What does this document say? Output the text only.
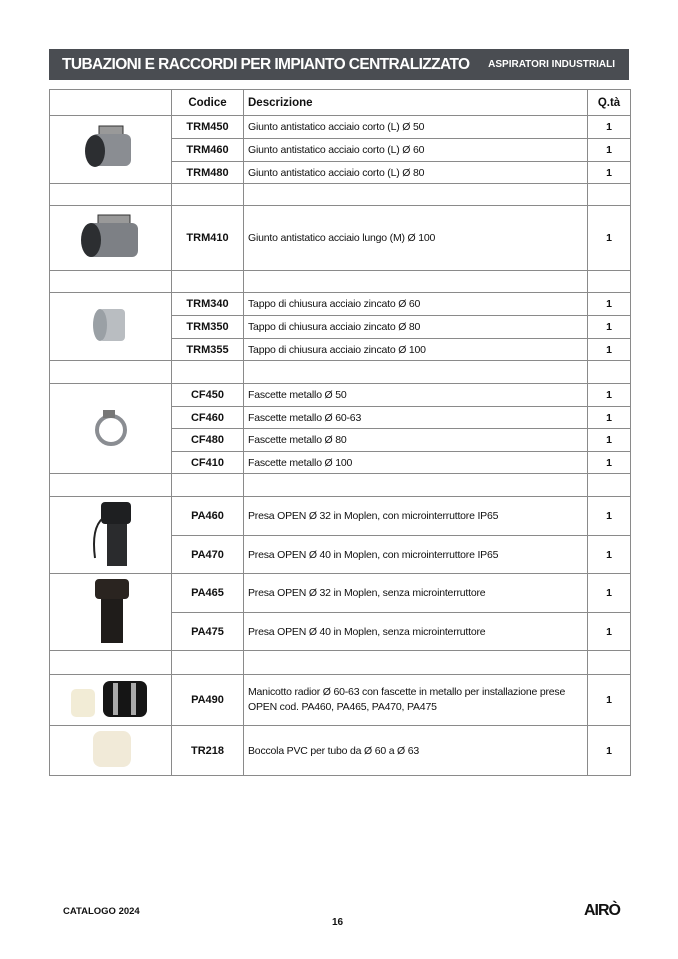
TUBAZIONI E RACCORDI PER IMPIANTO CENTRALIZZATO ASPIRATORI INDUSTRIALI
	Codice	Descrizione	Q.tà
	TRM450	Giunto antistatico acciaio corto (L) Ø 50	1
	TRM460	Giunto antistatico acciaio corto (L) Ø 60	1
	TRM480	Giunto antistatico acciaio corto (L) Ø 80	1

	TRM410	Giunto antistatico acciaio lungo (M) Ø 100	1

	TRM340	Tappo di chiusura acciaio zincato Ø 60	1
	TRM350	Tappo di chiusura acciaio zincato Ø 80	1
	TRM355	Tappo di chiusura acciaio zincato Ø 100	1

	CF450	Fascette metallo Ø 50	1
	CF460	Fascette metallo Ø 60-63	1
	CF480	Fascette metallo Ø 80	1
	CF410	Fascette metallo Ø 100	1

	PA460	Presa OPEN Ø 32 in Moplen, con microinterruttore IP65	1
	PA470	Presa OPEN Ø 40 in Moplen, con microinterruttore IP65	1
	PA465	Presa OPEN Ø 32 in Moplen, senza microinterruttore	1
	PA475	Presa OPEN Ø 40 in Moplen, senza microinterruttore	1

	PA490	Manicotto radior Ø 60-63 con fascette in metallo per installazione prese OPEN cod. PA460, PA465, PA470, PA475	1
	TR218	Boccola PVC per tubo da Ø 60 a Ø 63	1
CATALOGO 2024
16
AIRÒ
